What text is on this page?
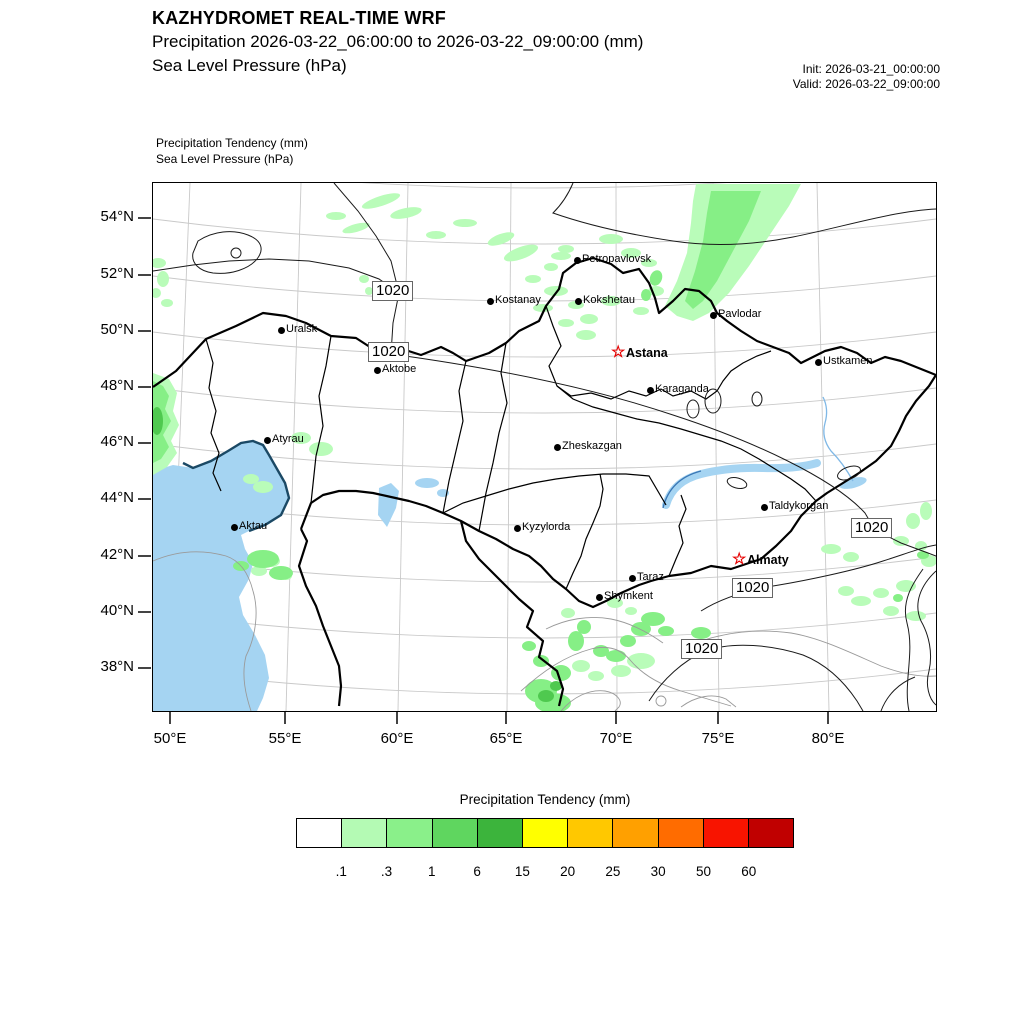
KAZHYDROMET REAL-TIME WRF
Precipitation 2026-03-22_06:00:00 to 2026-03-22_09:00:00 (mm)
Sea Level Pressure (hPa)	Init: 2026-03-21_00:00:00
Valid: 2026-03-22_09:00:00
Precipitation Tendency (mm)
Sea Level Pressure (hPa)
Precipitation Tendency (mm)
54°N
52°N
50°N
48°N
46°N
44°N
42°N
40°N
38°N
50°E	55°E	60°E	65°E	70°E	75°E	80°E
Petropavlovsk
Kostanay	Kokshetau
Pavlodar
Uralsk
Aktobe
Ustkamen
☆ Astana
Karaganda
Zheskazgan
Atyrau
Aktau	Kyzylorda
Taldykorgan
☆ Almaty
Taraz
Shymkent
1020
1020
1020
1020
1020
.1	.3	1	6	15	20	25	30	50	60
